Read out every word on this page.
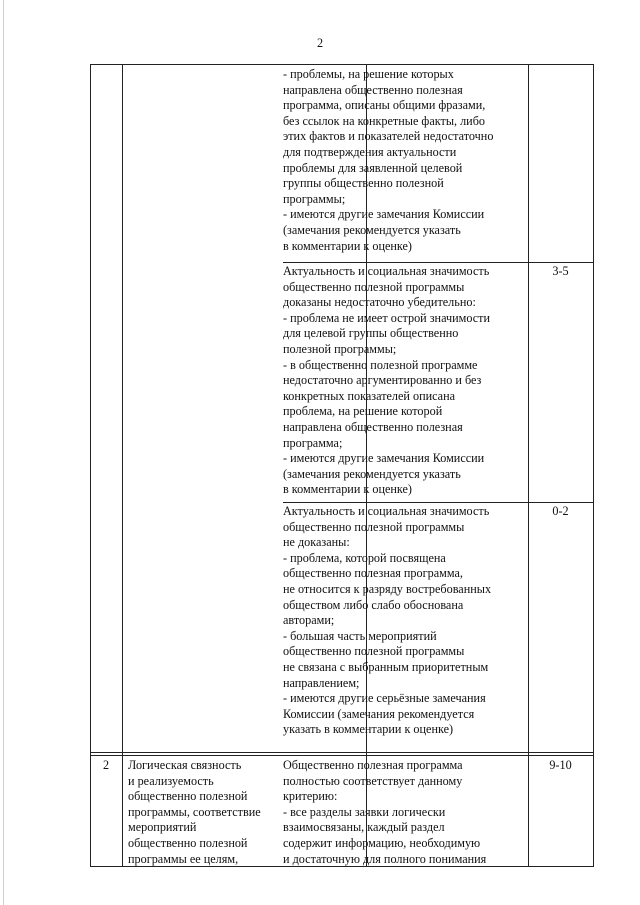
2
- проблемы, на решение которых
направлена общественно полезная
программа, описаны общими фразами,
без ссылок на конкретные факты, либо
этих фактов и показателей недостаточно
для подтверждения актуальности
проблемы для заявленной целевой
группы общественно полезной
программы;
- имеются другие замечания Комиссии
(замечания рекомендуется указать
в комментарии к оценке)
Актуальность и социальная значимость
общественно полезной программы
доказаны недостаточно убедительно:
- проблема не имеет острой значимости
для целевой группы общественно
полезной программы;
- в общественно полезной программе
недостаточно аргументированно и без
конкретных показателей описана
проблема, на решение которой
направлена общественно полезная
программа;
- имеются другие замечания Комиссии
(замечания рекомендуется указать
в комментарии к оценке)
3-5
Актуальность и социальная значимость
общественно полезной программы
не доказаны:
- проблема, которой посвящена
общественно полезная программа,
не относится к разряду востребованных
обществом либо слабо обоснована
авторами;
- большая часть мероприятий
общественно полезной программы
не связана с выбранным приоритетным
направлением;
- имеются другие серьёзные замечания
Комиссии (замечания рекомендуется
указать в комментарии к оценке)
0-2
2	Логическая связность
и реализуемость
общественно полезной
программы, соответствие
мероприятий
общественно полезной
программы ее целям,
Общественно полезная программа
полностью соответствует данному
критерию:
- все разделы заявки логически
взаимосвязаны, каждый раздел
содержит информацию, необходимую
и достаточную для полного понимания
9-10
